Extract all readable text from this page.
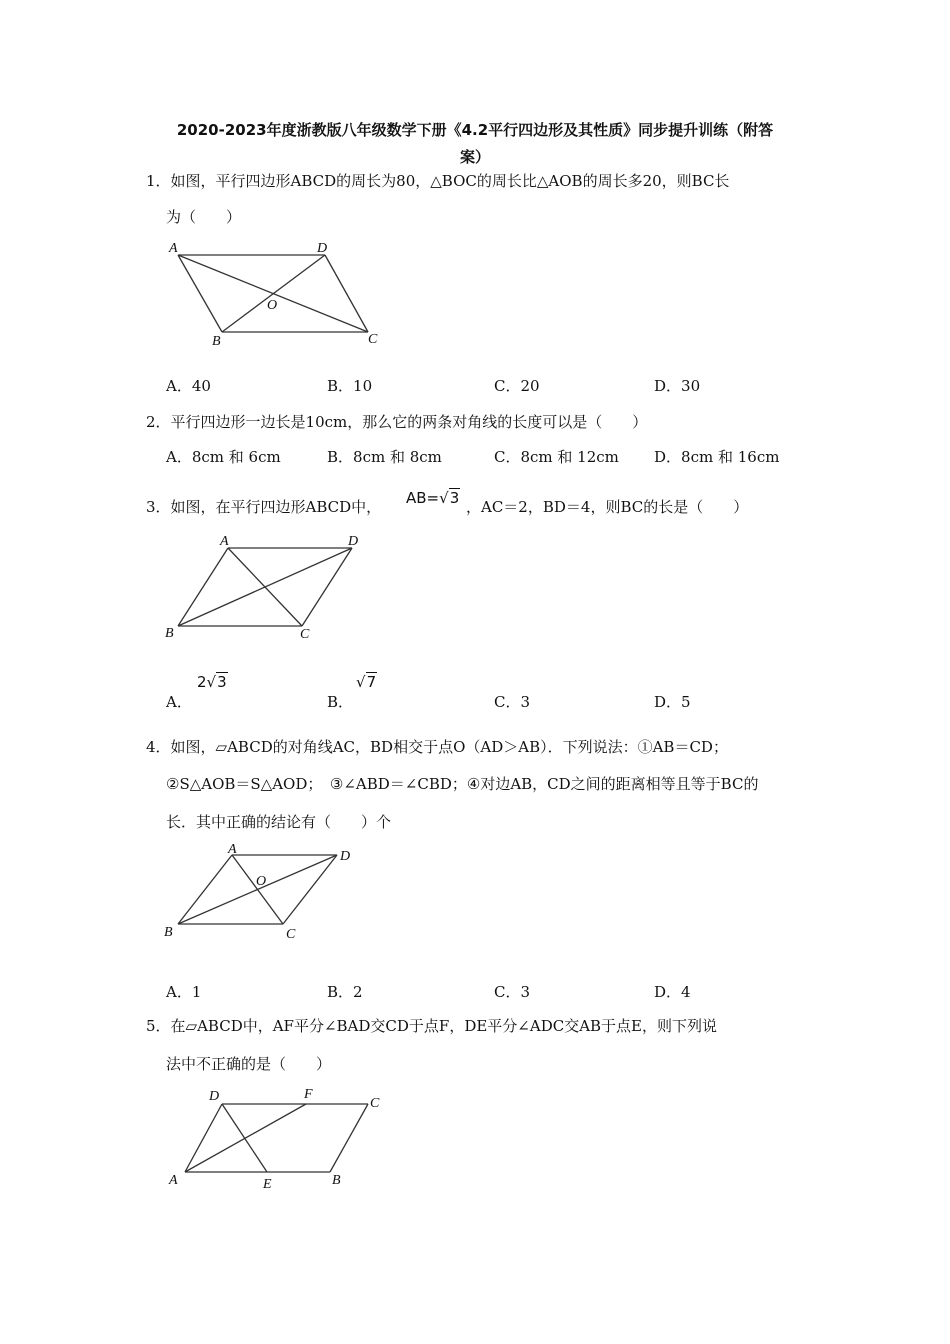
2020-2023年度浙教版八年级数学下册《4.2平行四边形及其性质》同步提升训练（附答
案）
1．如图，平行四边形ABCD的周长为80，△BOC的周长比△AOB的周长多20，则BC长
为（　　）
A	D
O
B	C
A．40	B．10	C．20	D．30
2．平行四边形一边长是10cm，那么它的两条对角线的长度可以是（　　）
A．8cm 和 6cm	B．8cm 和 8cm	C．8cm 和 12cm D．8cm 和 16cm
3．如图，在平行四边形ABCD中， AB=√3 ，AC＝2，BD＝4，则BC的长是（　　）
A	D
B	C
A．
2√3
B．
√7
C．3	D．5
4．如图，▱ABCD的对角线AC，BD相交于点O（AD＞AB）．下列说法：①AB＝CD；
②S△AOB＝S△AOD；　③∠ABD＝∠CBD；④对边AB，CD之间的距离相等且等于BC的
长．其中正确的结论有（　　）个
A	D
O
B	C
A．1	B．2	C．3	D．4
5．在▱ABCD中，AF平分∠BAD交CD于点F，DE平分∠ADC交AB于点E，则下列说
法中不正确的是（　　）
D	F
C
A	E	B
